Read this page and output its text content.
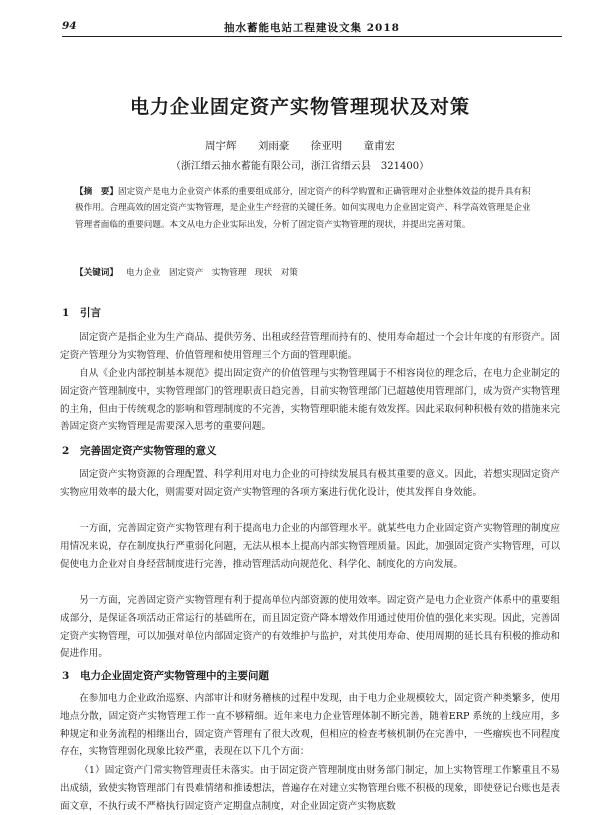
94	抽水蓄能电站工程建设文集 2018
电力企业固定资产实物管理现状及对策
周宇辉 刘雨豪 徐亚明 童甫宏
（浙江缙云抽水蓄能有限公司，浙江省缙云县　321400）
【摘　要】固定资产是电力企业资产体系的重要组成部分，固定资产的科学购置和正确管理对企业整体效益的提升具有积极作用。合理高效的固定资产实物管理，是企业生产经营的关键任务。如何实现电力企业固定资产、科学高效管理是企业管理者面临的重要问题。本文从电力企业实际出发，分析了固定资产实物管理的现状，并提出完善对策。
【关键词】 电力企业　固定资产　实物管理　现状　对策
1 引言
固定资产是指企业为生产商品、提供劳务、出租或经营管理而持有的、使用寿命超过一个会计年度的有形资产。固定资产管理分为实物管理、价值管理和使用管理三个方面的管理职能。
自从《企业内部控制基本规范》提出固定资产的价值管理与实物管理属于不相容岗位的理念后，在电力企业制定的固定资产管理制度中，实物管理部门的管理职责日趋完善，目前实物管理部门已超越使用管理部门，成为资产实物管理的主角，但由于传统观念的影响和管理制度的不完善，实物管理职能未能有效发挥。因此采取何种积极有效的措施来完善固定资产实物管理是需要深入思考的重要问题。
2 完善固定资产实物管理的意义
固定资产实物资源的合理配置、科学利用对电力企业的可持续发展具有极其重要的意义。因此，若想实现固定资产实物应用效率的最大化，则需要对固定资产实物管理的各项方案进行优化设计，使其发挥自身效能。
一方面，完善固定资产实物管理有利于提高电力企业的内部管理水平。就某些电力企业固定资产实物管理的制度应用情况来说，存在制度执行严重弱化问题，无法从根本上提高内部实物管理质量。因此，加强固定资产实物管理，可以促使电力企业对自身经营制度进行完善，推动管理活动向规范化、科学化、制度化的方向发展。
另一方面，完善固定资产实物管理有利于提高单位内部资源的使用效率。固定资产是电力企业资产体系中的重要组成部分，是保证各项活动正常运行的基础所在，而且固定资产降本增效作用通过使用价值的强化来实现。因此，完善固定资产实物管理，可以加强对单位内部固定资产的有效维护与监护，对其使用寿命、使用周期的延长具有积极的推动和促进作用。
3 电力企业固定资产实物管理中的主要问题
在参加电力企业政治巡察、内部审计和财务稽核的过程中发现，由于电力企业规模较大，固定资产种类繁多，使用地点分散，固定资产实物管理工作一直不够精细。近年来电力企业管理体制不断完善，随着ERP 系统的上线应用，多种规定和业务流程的相继出台，固定资产管理有了很大改观，但相应的检查考核机制仍在完善中，一些瘤疾也不同程度存在，实物管理弱化现象比较严重，表现在以下几个方面：
（1）固定资产门常实物管理责任未落实。由于固定资产管理制度由财务部门制定，加上实物管理工作繁重且不易出成绩，致使实物管理部门有畏难情绪和推诿想法，普遍存在对建立实物管理台账不积极的现象，即使登记台账也是表面文章，不执行或不严格执行固定资产定期盘点制度，对企业固定资产实物底数
